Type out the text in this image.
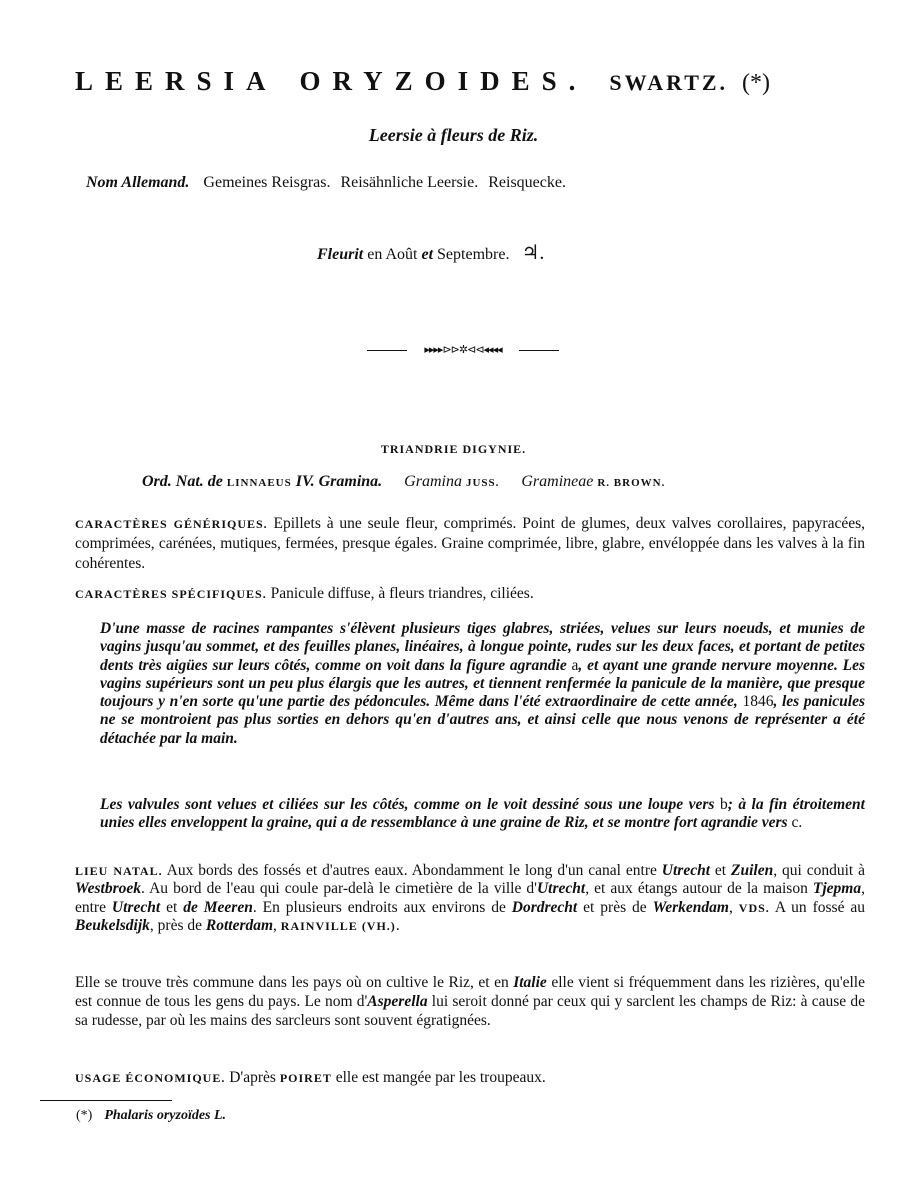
LEERSIA ORYZOIDES. SWARTZ. (*)
Leersie à fleurs de Riz.
Nom Allemand. Gemeines Reisgras. Reisähnliche Leersie. Reisquecke.
Fleurit en Août et Septembre. ♃.
▸▸▸▸⊳⊳✲⊲⊲◂◂◂◂
TRIANDRIE DIGYNIE.
Ord. Nat. de LINNAEUS IV. Gramina. Gramina JUSS. Gramineae R. BROWN.
CARACTÈRES GÉNÉRIQUES. Epillets à une seule fleur, comprimés. Point de glumes, deux valves corollaires, papyracées, comprimées, carénées, mutiques, fermées, presque égales. Graine comprimée, libre, glabre, envéloppée dans les valves à la fin cohérentes.
CARACTÈRES SPÉCIFIQUES. Panicule diffuse, à fleurs triandres, ciliées.
D'une masse de racines rampantes s'élèvent plusieurs tiges glabres, striées, velues sur leurs noeuds, et munies de vagins jusqu'au sommet, et des feuilles planes, linéaires, à longue pointe, rudes sur les deux faces, et portant de petites dents très aigües sur leurs côtés, comme on voit dans la figure agrandie a, et ayant une grande nervure moyenne. Les vagins supérieurs sont un peu plus élargis que les autres, et tiennent renfermée la panicule de la manière, que presque toujours y n'en sorte qu'une partie des pédoncules. Même dans l'été extraordinaire de cette année, 1846, les panicules ne se montroient pas plus sorties en dehors qu'en d'autres ans, et ainsi celle que nous venons de représenter a été détachée par la main.
Les valvules sont velues et ciliées sur les côtés, comme on le voit dessiné sous une loupe vers b; à la fin étroitement unies elles enveloppent la graine, qui a de ressemblance à une graine de Riz, et se montre fort agrandie vers c.
LIEU NATAL. Aux bords des fossés et d'autres eaux. Abondamment le long d'un canal entre Utrecht et Zuilen, qui conduit à Westbroek. Au bord de l'eau qui coule par-delà le cimetière de la ville d'Utrecht, et aux étangs autour de la maison Tjepma, entre Utrecht et de Meeren. En plusieurs endroits aux environs de Dordrecht et près de Werkendam, VDS. A un fossé au Beukelsdijk, près de Rotterdam, RAINVILLE (VH.).
Elle se trouve très commune dans les pays où on cultive le Riz, et en Italie elle vient si fréquemment dans les rizières, qu'elle est connue de tous les gens du pays. Le nom d'Asperella lui seroit donné par ceux qui y sarclent les champs de Riz: à cause de sa rudesse, par où les mains des sarcleurs sont souvent égratignées.
USAGE ÉCONOMIQUE. D'après POIRET elle est mangée par les troupeaux.
(*) Phalaris oryzoïdes L.
